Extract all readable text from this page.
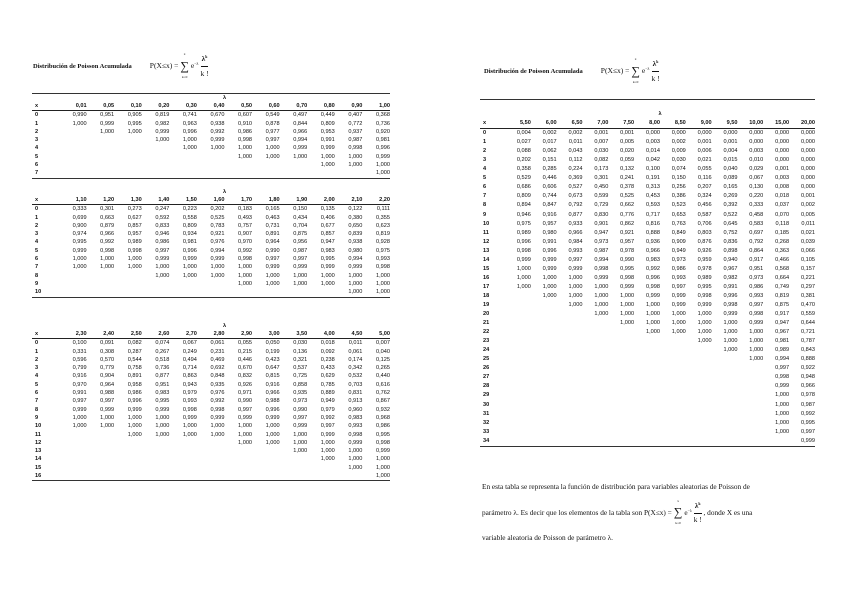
Distribución de Poisson Acumulada P(X≤x) =
x
∑
k=0
$e^{-\lambda} \frac{\lambda^k}{k !}$	Distribución de Poisson Acumulada P(X≤x) =
x
∑
k=0
$e^{-\lambda} \frac{\lambda^k}{k !}$
	λ											
x	0,01	0,05	0,10	0,20	0,30	0,40	0,50	0,60	0,70	0,80	0,90	1,00
0	0,990	0,951	0,905	0,819	0,741	0,670	0,607	0,549	0,497	0,449	0,407	0,368
1	1,000	0,999	0,995	0,982	0,963	0,938	0,910	0,878	0,844	0,809	0,772	0,736
2		1,000	1,000	0,999	0,996	0,992	0,986	0,977	0,966	0,953	0,937	0,920
3				1,000	1,000	0,999	0,998	0,997	0,994	0,991	0,987	0,981
4					1,000	1,000	1,000	1,000	0,999	0,999	0,998	0,996
5							1,000	1,000	1,000	1,000	1,000	0,999
6										1,000	1,000	1,000
7												1,000
	λ											
x	1,10	1,20	1,30	1,40	1,50	1,60	1,70	1,80	1,90	2,00	2,10	2,20
0	0,333	0,301	0,273	0,247	0,223	0,202	0,183	0,165	0,150	0,135	0,122	0,111
1	0,699	0,663	0,627	0,592	0,558	0,525	0,493	0,463	0,434	0,406	0,380	0,355
2	0,900	0,879	0,857	0,833	0,809	0,783	0,757	0,731	0,704	0,677	0,650	0,623
3	0,974	0,966	0,957	0,946	0,934	0,921	0,907	0,891	0,875	0,857	0,839	0,819
4	0,995	0,992	0,989	0,986	0,981	0,976	0,970	0,964	0,956	0,947	0,938	0,928
5	0,999	0,998	0,998	0,997	0,996	0,994	0,992	0,990	0,987	0,983	0,980	0,975
6	1,000	1,000	1,000	0,999	0,999	0,999	0,998	0,997	0,997	0,995	0,994	0,993
7	1,000	1,000	1,000	1,000	1,000	1,000	1,000	0,999	0,999	0,999	0,999	0,998
8				1,000	1,000	1,000	1,000	1,000	1,000	1,000	1,000	1,000
9							1,000	1,000	1,000	1,000	1,000	1,000
10											1,000	1,000
	λ											
x	2,30	2,40	2,50	2,60	2,70	2,80	2,90	3,00	3,50	4,00	4,50	5,00
0	0,100	0,091	0,082	0,074	0,067	0,061	0,055	0,050	0,030	0,018	0,011	0,007
1	0,331	0,308	0,287	0,267	0,249	0,231	0,215	0,199	0,136	0,092	0,061	0,040
2	0,596	0,570	0,544	0,518	0,494	0,469	0,446	0,423	0,321	0,238	0,174	0,125
3	0,799	0,779	0,758	0,736	0,714	0,692	0,670	0,647	0,537	0,433	0,342	0,265
4	0,916	0,904	0,891	0,877	0,863	0,848	0,832	0,815	0,725	0,629	0,532	0,440
5	0,970	0,964	0,958	0,951	0,943	0,935	0,926	0,916	0,858	0,785	0,703	0,616
6	0,991	0,988	0,986	0,983	0,979	0,976	0,971	0,966	0,935	0,889	0,831	0,762
7	0,997	0,997	0,996	0,995	0,993	0,992	0,990	0,988	0,973	0,949	0,913	0,867
8	0,999	0,999	0,999	0,999	0,998	0,998	0,997	0,996	0,990	0,979	0,960	0,932
9	1,000	1,000	1,000	1,000	0,999	0,999	0,999	0,999	0,997	0,992	0,983	0,968
10	1,000	1,000	1,000	1,000	1,000	1,000	1,000	1,000	0,999	0,997	0,993	0,986
11			1,000	1,000	1,000	1,000	1,000	1,000	1,000	0,999	0,998	0,995
12							1,000	1,000	1,000	1,000	0,999	0,998
13									1,000	1,000	1,000	0,999
14										1,000	1,000	1,000
15											1,000	1,000
16												1,000
	λ											
x	5,50	6,00	6,50	7,00	7,50	8,00	8,50	9,00	9,50	10,00	15,00	20,00
0	0,004	0,002	0,002	0,001	0,001	0,000	0,000	0,000	0,000	0,000	0,000	0,000
1	0,027	0,017	0,011	0,007	0,005	0,003	0,002	0,001	0,001	0,000	0,000	0,000
2	0,088	0,062	0,043	0,030	0,020	0,014	0,009	0,006	0,004	0,003	0,000	0,000
3	0,202	0,151	0,112	0,082	0,059	0,042	0,030	0,021	0,015	0,010	0,000	0,000
4	0,358	0,285	0,224	0,173	0,132	0,100	0,074	0,055	0,040	0,029	0,001	0,000
5	0,529	0,446	0,369	0,301	0,241	0,191	0,150	0,116	0,089	0,067	0,003	0,000
6	0,686	0,606	0,527	0,450	0,378	0,313	0,256	0,207	0,165	0,130	0,008	0,000
7	0,809	0,744	0,673	0,599	0,525	0,453	0,386	0,324	0,269	0,220	0,018	0,001
8	0,894	0,847	0,792	0,729	0,662	0,593	0,523	0,456	0,392	0,333	0,037	0,002
9	0,946	0,916	0,877	0,830	0,776	0,717	0,653	0,587	0,522	0,458	0,070	0,005
10	0,975	0,957	0,933	0,901	0,862	0,816	0,763	0,706	0,645	0,583	0,118	0,011
11	0,989	0,980	0,966	0,947	0,921	0,888	0,849	0,803	0,752	0,697	0,185	0,021
12	0,996	0,991	0,984	0,973	0,957	0,936	0,909	0,876	0,836	0,792	0,268	0,039
13	0,998	0,996	0,993	0,987	0,978	0,966	0,949	0,926	0,898	0,864	0,363	0,066
14	0,999	0,999	0,997	0,994	0,990	0,983	0,973	0,959	0,940	0,917	0,466	0,105
15	1,000	0,999	0,999	0,998	0,995	0,992	0,986	0,978	0,967	0,951	0,568	0,157
16	1,000	1,000	1,000	0,999	0,998	0,996	0,993	0,989	0,982	0,973	0,664	0,221
17	1,000	1,000	1,000	1,000	0,999	0,998	0,997	0,995	0,991	0,986	0,749	0,297
18		1,000	1,000	1,000	1,000	0,999	0,999	0,998	0,996	0,993	0,819	0,381
19			1,000	1,000	1,000	1,000	0,999	0,999	0,998	0,997	0,875	0,470
20				1,000	1,000	1,000	1,000	1,000	0,999	0,998	0,917	0,559
21					1,000	1,000	1,000	1,000	1,000	0,999	0,947	0,644
22						1,000	1,000	1,000	1,000	1,000	0,967	0,721
23								1,000	1,000	1,000	0,981	0,787
24									1,000	1,000	0,989	0,843
25										1,000	0,994	0,888
26											0,997	0,922
27											0,998	0,948
28											0,999	0,966
29											1,000	0,978
30											1,000	0,987
31											1,000	0,992
32											1,000	0,995
33											1,000	0,997
34												0,999
En esta tabla se representa la función de distribución para variables aleatorias de Poisson de
parámetro λ. Es decir que los elementos de la tabla son P(X≤x) =
x
∑
k=0
$e^{-\lambda} \frac{\lambda^k}{k !}$ , donde X es una
variable aleatoria de Poisson de parámetro λ.
